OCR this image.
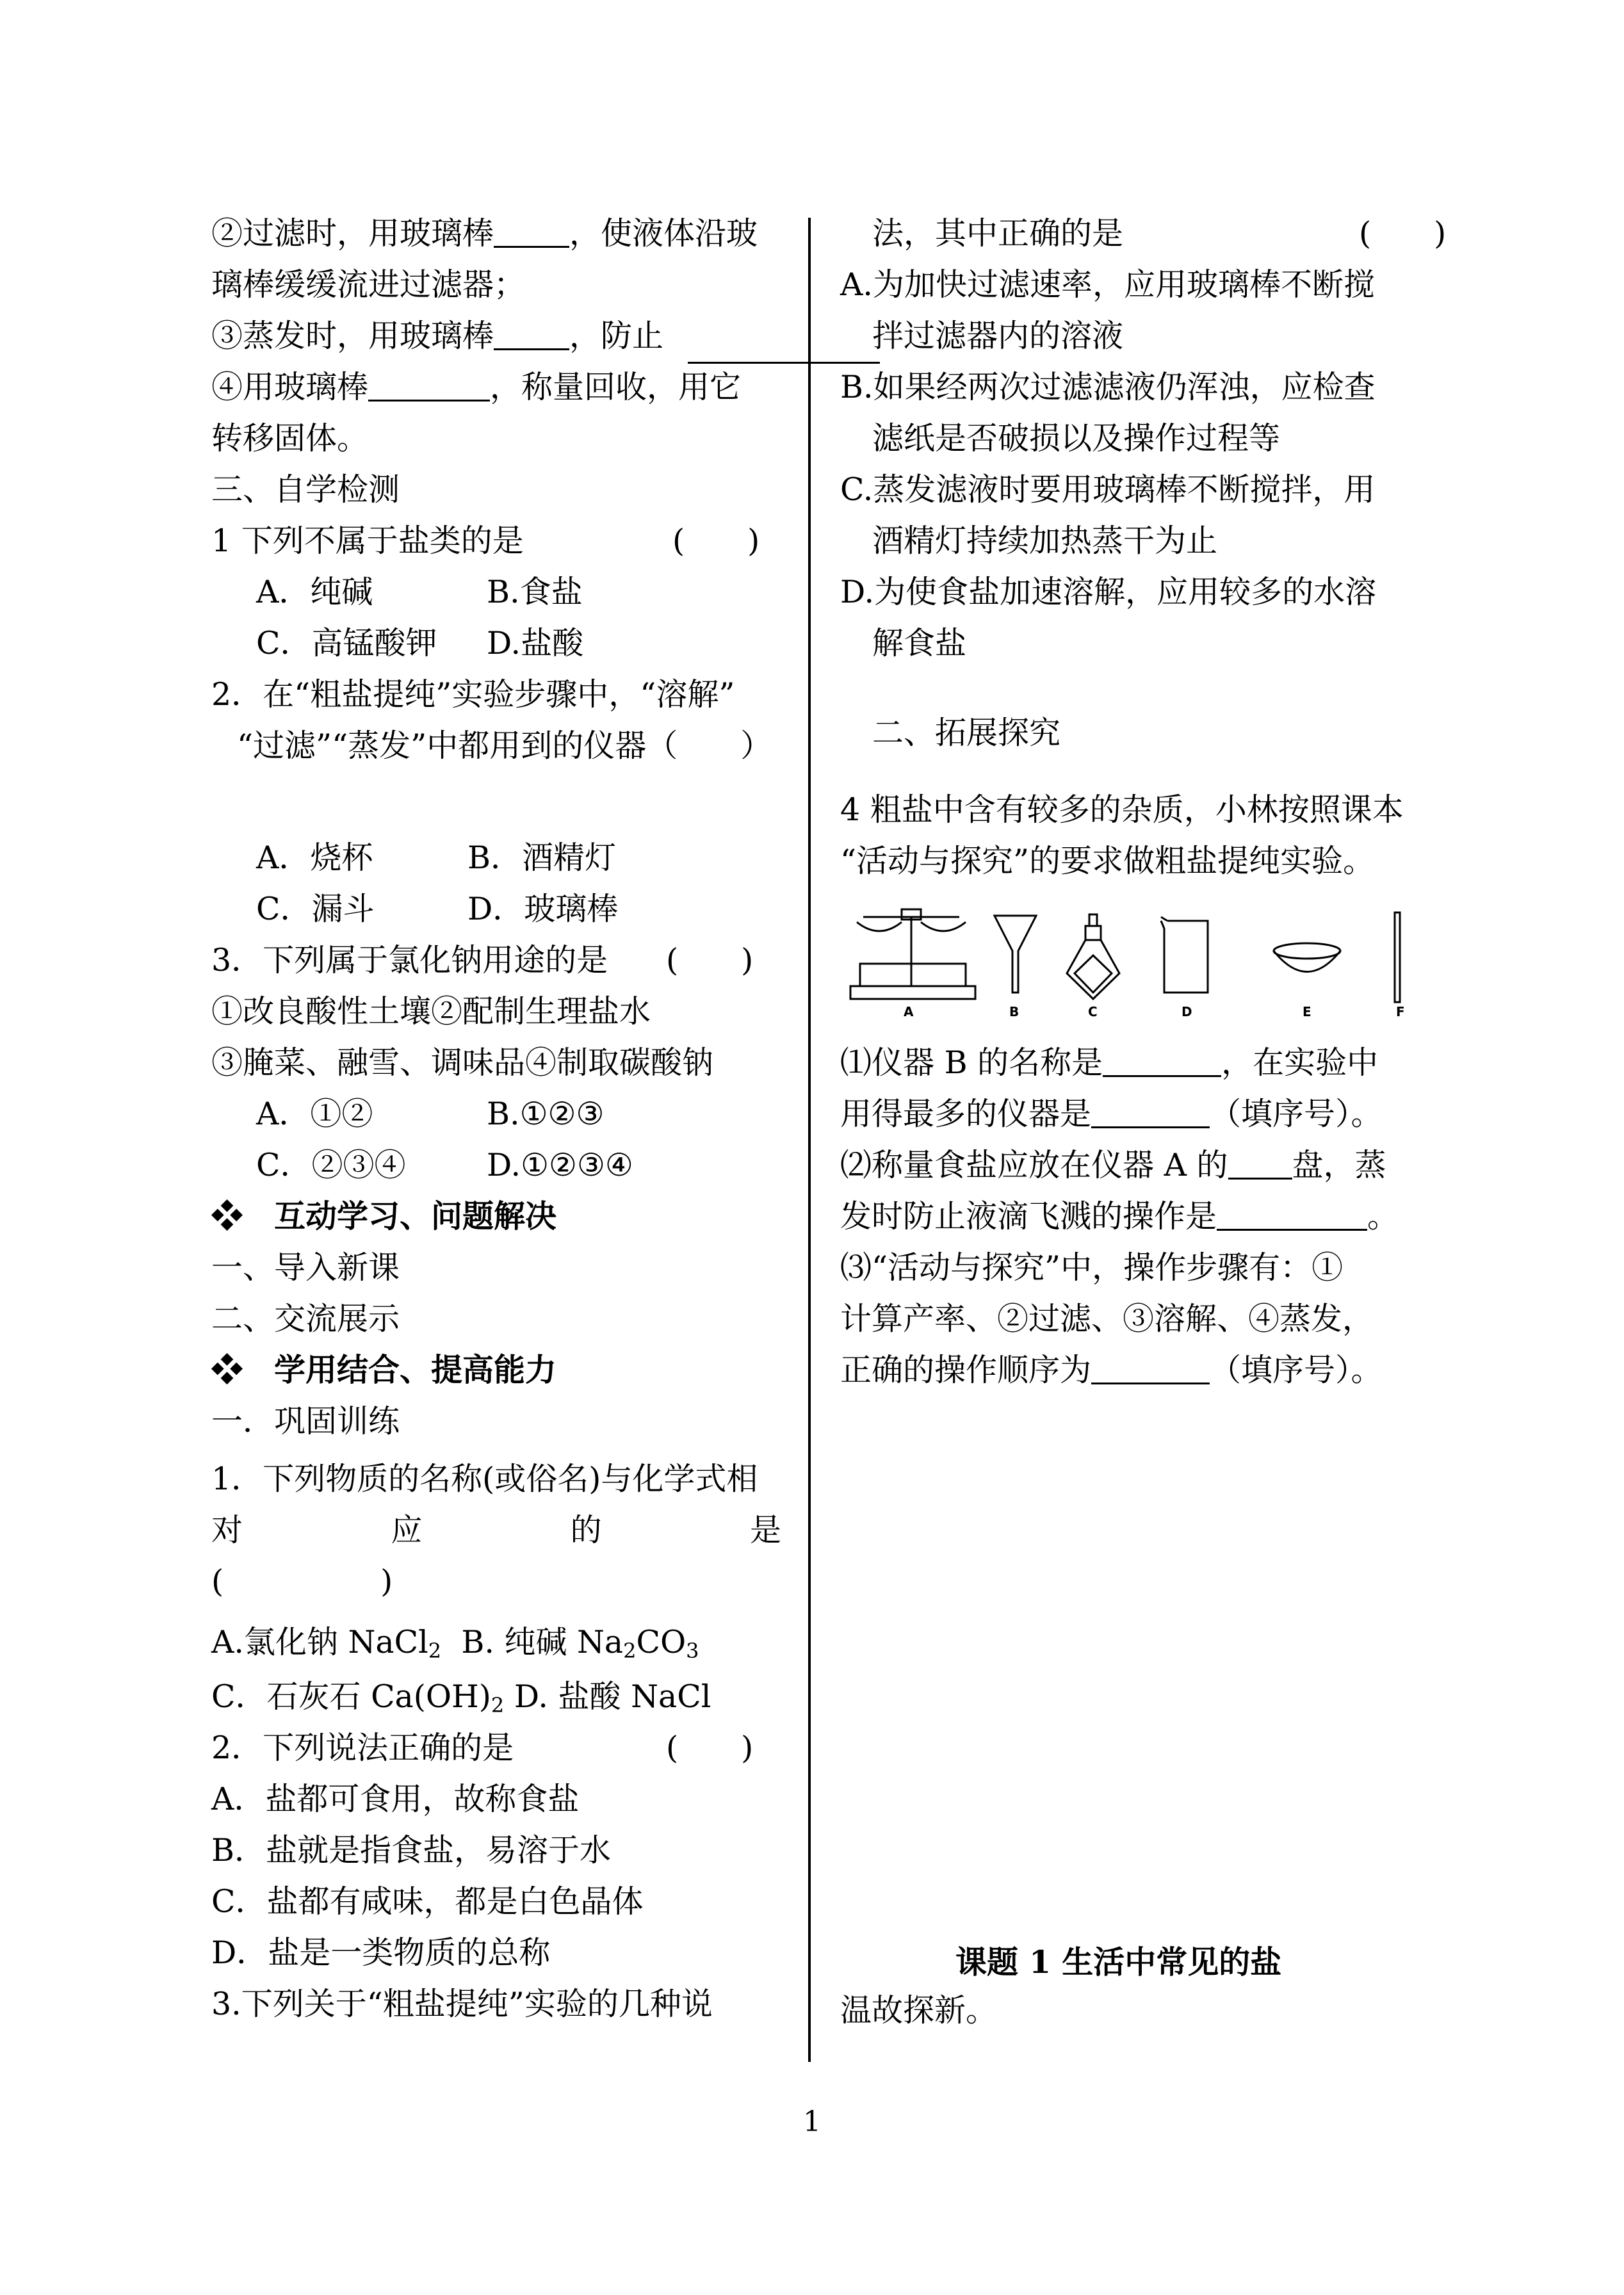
②过滤时，用玻璃棒 ，使液体沿玻
璃棒缓缓流进过滤器；
③蒸发时，用玻璃棒 ，防止
④用玻璃棒	，称量回收，用它
转移固体。
三、自学检测
1 下列不属于盐类的是	(　　)
A．纯碱	B.食盐
C．高锰酸钾 D.盐酸
2．在“粗盐提纯”实验步骤中，“溶解”
“过滤”“蒸发”中都用到的仪器（　　）
A．烧杯	B．酒精灯
C．漏斗	D．玻璃棒
3．下列属于氯化钠用途的是 (　　)
①改良酸性土壤②配制生理盐水
③腌菜、融雪、调味品④制取碳酸钠
A．①②	B.①②③
C．②③④	D.①②③④
❖　互动学习、问题解决
一、导入新课
二、交流展示
❖　学用结合、提高能力
一．巩固训练
1．下列物质的名称(或俗名)与化学式相
对	应	的	是
(　　　　　)
A.氯化钠 NaCl$_2$ B. 纯碱 $Na_2CO_3$
C．石灰石 $Ca(OH)_2$ D. 盐酸 NaCl
2．下列说法正确的是	(　　)
A．盐都可食用，故称食盐
B．盐就是指食盐，易溶于水
C．盐都有咸味，都是白色晶体
D．盐是一类物质的总称
3.下列关于“粗盐提纯”实验的几种说
法，其中正确的是	(　　)
A.为加快过滤速率，应用玻璃棒不断搅
拌过滤器内的溶液
B.如果经两次过滤滤液仍浑浊，应检查
滤纸是否破损以及操作过程等
C.蒸发滤液时要用玻璃棒不断搅拌，用
酒精灯持续加热蒸干为止
D.为使食盐加速溶解，应用较多的水溶
解食盐
二、拓展探究
4 粗盐中含有较多的杂质，小林按照课本
“活动与探究”的要求做粗盐提纯实验。
⑴仪器 B 的名称是	，在实验中
用得最多的仪器是	（填序号）。
⑵称量食盐应放在仪器 A 的 盘，蒸
发时防止液滴飞溅的操作是	。
⑶“活动与探究”中，操作步骤有：①
计算产率、②过滤、③溶解、④蒸发，
正确的操作顺序为	（填序号）。
课题 1 生活中常见的盐
温故探新。
A	B	C	D	E	F
1
